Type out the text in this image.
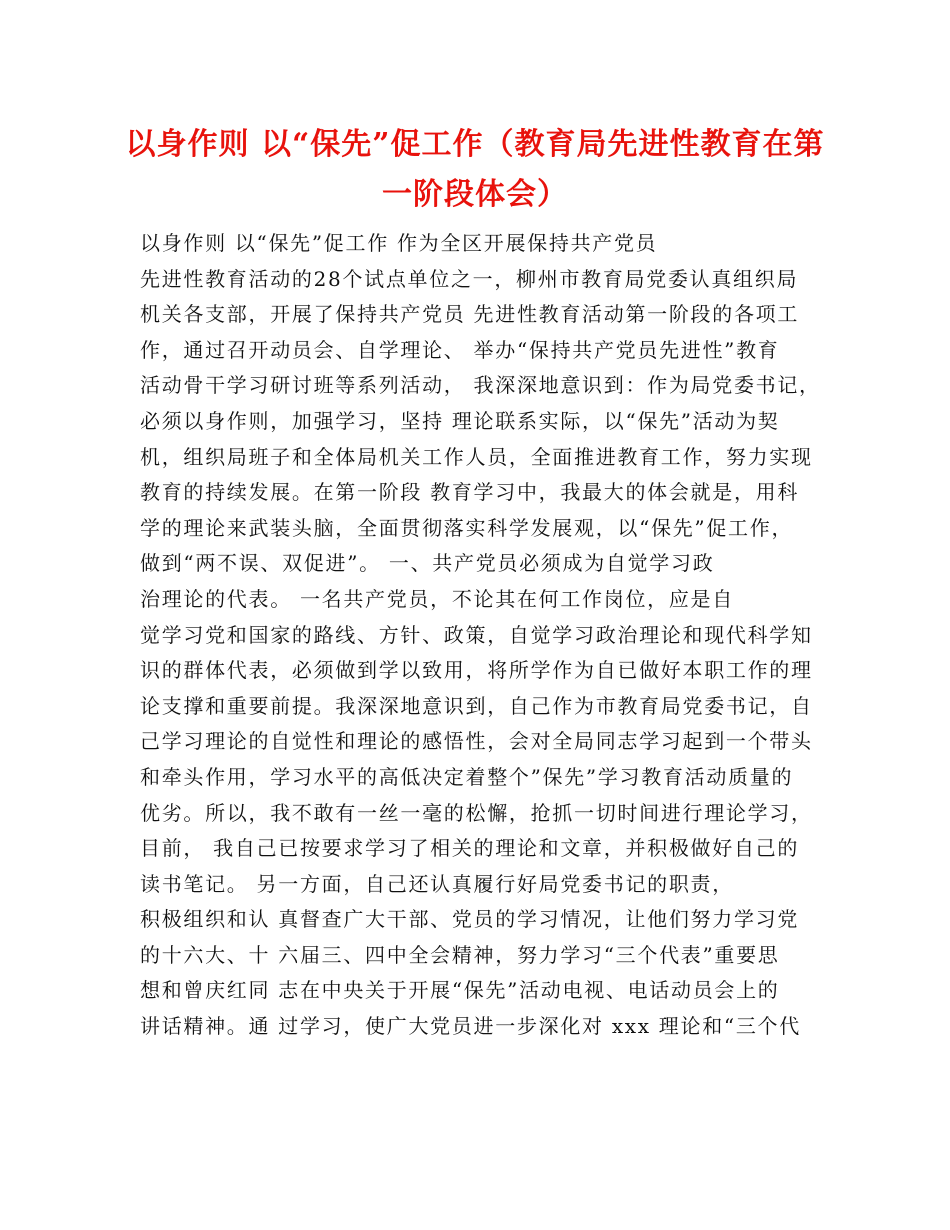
以身作则 以“保先”促工作（教育局先进性教育在第
一阶段体会）
以身作则 以“保先”促工作 作为全区开展保持共产党员
先进性教育活动的28个试点单位之一，柳州市教育局党委认真组织局
机关各支部，开展了保持共产党员 先进性教育活动第一阶段的各项工
作，通过召开动员会、自学理论、 举办“保持共产党员先进性”教育
活动骨干学习研讨班等系列活动， 我深深地意识到：作为局党委书记，
必须以身作则，加强学习，坚持 理论联系实际，以“保先”活动为契
机，组织局班子和全体局机关工作人员，全面推进教育工作，努力实现
教育的持续发展。在第一阶段 教育学习中，我最大的体会就是，用科
学的理论来武装头脑，全面贯彻落实科学发展观，以“保先”促工作，
做到“两不误、双促进”。 一、共产党员必须成为自觉学习政
治理论的代表。 一名共产党员，不论其在何工作岗位，应是自
觉学习党和国家的路线、方针、政策，自觉学习政治理论和现代科学知
识的群体代表，必须做到学以致用，将所学作为自已做好本职工作的理
论支撑和重要前提。我深深地意识到，自己作为市教育局党委书记，自
己学习理论的自觉性和理论的感悟性，会对全局同志学习起到一个带头
和牵头作用，学习水平的高低决定着整个”保先”学习教育活动质量的
优劣。所以，我不敢有一丝一毫的松懈，抢抓一切时间进行理论学习，
目前， 我自己已按要求学习了相关的理论和文章，并积极做好自己的
读书笔记。 另一方面，自己还认真履行好局党委书记的职责，
积极组织和认 真督查广大干部、党员的学习情况，让他们努力学习党
的十六大、十 六届三、四中全会精神，努力学习“三个代表”重要思
想和曾庆红同 志在中央关于开展“保先”活动电视、电话动员会上的
讲话精神。通 过学习，使广大党员进一步深化对 xxx 理论和“三个代
